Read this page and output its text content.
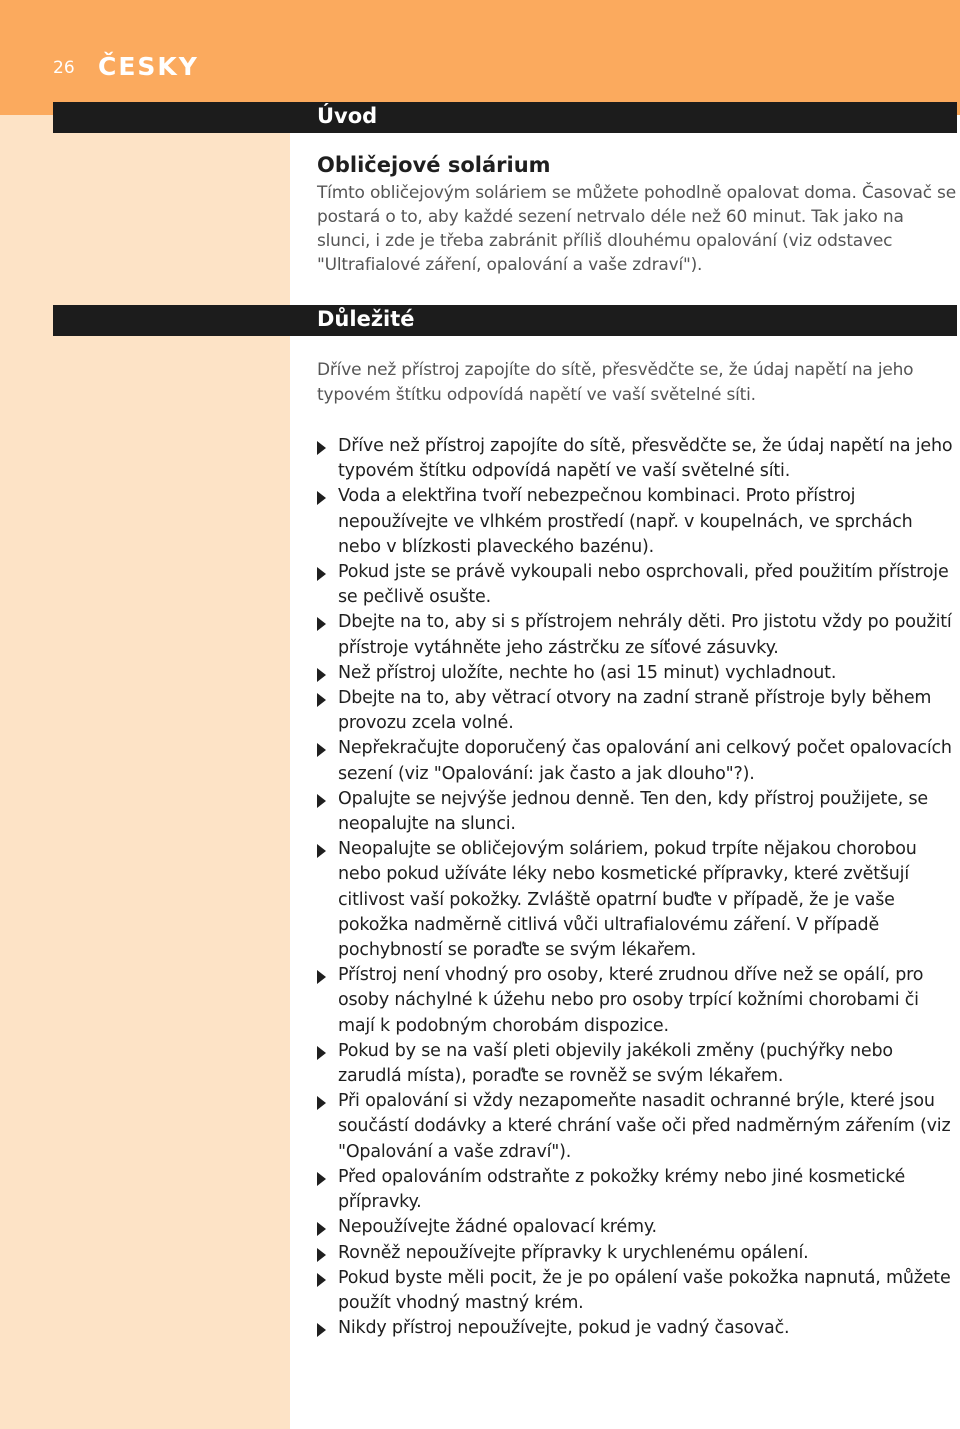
26 ČESKY
Úvod
Obličejové solárium

Tímto obličejovým soláriem se můžete pohodlně opalovat doma. Časovač se postará o to, aby každé sezení netrvalo déle než 60 minut. Tak jako na slunci, i zde je třeba zabránit příliš dlouhému opalování (viz odstavec "Ultrafialové záření, opalování a vaše zdraví").

Důležité

Dříve než přístroj zapojíte do sítě, přesvědčte se, že údaj napětí na jeho typovém štítku odpovídá napětí ve vaší světelné síti.

Dříve než přístroj zapojíte do sítě, přesvědčte se, že údaj napětí na jeho typovém štítku odpovídá napětí ve vaší světelné síti.
Voda a elektřina tvoří nebezpečnou kombinaci. Proto přístroj nepoužívejte ve vlhkém prostředí (např. v koupelnách, ve sprchách nebo v blízkosti plaveckého bazénu).
Pokud jste se právě vykoupali nebo osprchovali, před použitím přístroje se pečlivě osušte.
Dbejte na to, aby si s přístrojem nehrály děti. Pro jistotu vždy po použití přístroje vytáhněte jeho zástrčku ze síťové zásuvky.
Než přístroj uložíte, nechte ho (asi 15 minut) vychladnout.
Dbejte na to, aby větrací otvory na zadní straně přístroje byly během provozu zcela volné.
Nepřekračujte doporučený čas opalování ani celkový počet opalovacích sezení (viz "Opalování: jak často a jak dlouho"?).
Opalujte se nejvýše jednou denně. Ten den, kdy přístroj použijete, se neopalujte na slunci.
Neopalujte se obličejovým soláriem, pokud trpíte nějakou chorobou nebo pokud užíváte léky nebo kosmetické přípravky, které zvětšují citlivost vaší pokožky. Zvláště opatrní buďte v případě, že je vaše pokožka nadměrně citlivá vůči ultrafialovému záření. V případě pochybností se poraďte se svým lékařem.
Přístroj není vhodný pro osoby, které zrudnou dříve než se opálí, pro osoby náchylné k úžehu nebo pro osoby trpící kožními chorobami či mají k podobným chorobám dispozice.
Pokud by se na vaší pleti objevily jakékoli změny (puchýřky nebo zarudlá místa), poraďte se rovněž se svým lékařem.
Při opalování si vždy nezapomeňte nasadit ochranné brýle, které jsou součástí dodávky a které chrání vaše oči před nadměrným zářením (viz "Opalování a vaše zdraví").
Před opalováním odstraňte z pokožky krémy nebo jiné kosmetické přípravky.
Nepoužívejte žádné opalovací krémy.
Rovněž nepoužívejte přípravky k urychlenému opálení.
Pokud byste měli pocit, že je po opálení vaše pokožka napnutá, můžete použít vhodný mastný krém.
Nikdy přístroj nepoužívejte, pokud je vadný časovač.
